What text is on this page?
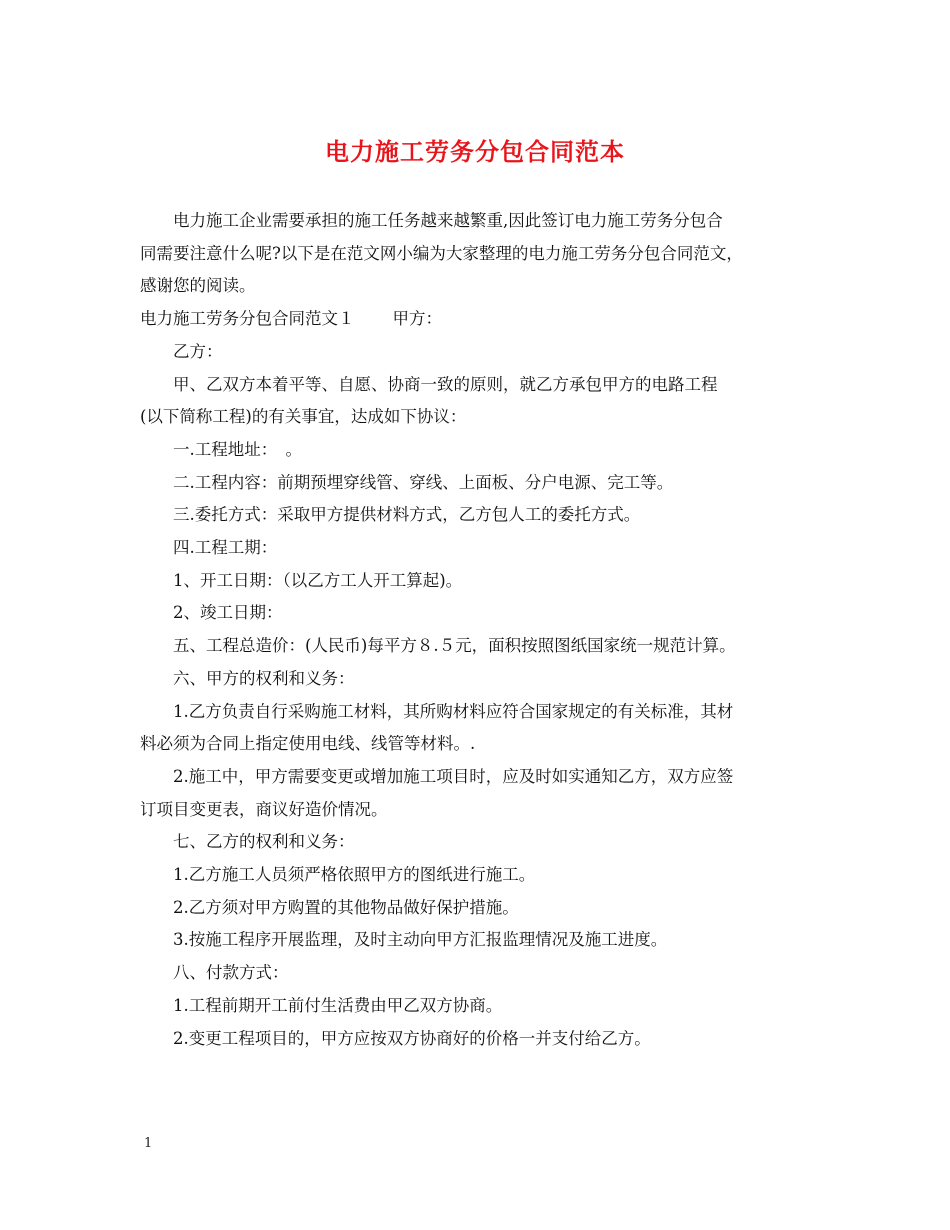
电力施工劳务分包合同范本

电力施工企业需要承担的施工任务越来越繁重,因此签订电力施工劳务分包合
同需要注意什么呢?以下是在范文网小编为大家整理的电力施工劳务分包合同范文，
感谢您的阅读。

电力施工劳务分包合同范文１ 甲方：

乙方：

甲、乙双方本着平等、自愿、协商一致的原则，就乙方承包甲方的电路工程

(以下简称工程)的有关事宜，达成如下协议：

一.工程地址：　。

二.工程内容：前期预埋穿线管、穿线、上面板、分户电源、完工等。

三.委托方式：采取甲方提供材料方式，乙方包人工的委托方式。

四.工程工期：

1、开工日期：（以乙方工人开工算起)。

2、竣工日期：

五、工程总造价：(人民币)每平方８.５元，面积按照图纸国家统一规范计算。

六、甲方的权利和义务：

1.乙方负责自行采购施工材料，其所购材料应符合国家规定的有关标准，其材

料必须为合同上指定使用电线、线管等材料。.

2.施工中，甲方需要变更或增加施工项目时，应及时如实通知乙方，双方应签

订项目变更表，商议好造价情况。

七、乙方的权利和义务：

1.乙方施工人员须严格依照甲方的图纸进行施工。

2.乙方须对甲方购置的其他物品做好保护措施。

3.按施工程序开展监理，及时主动向甲方汇报监理情况及施工进度。

八、付款方式：

1.工程前期开工前付生活费由甲乙双方协商。

2.变更工程项目的，甲方应按双方协商好的价格一并支付给乙方。

1
